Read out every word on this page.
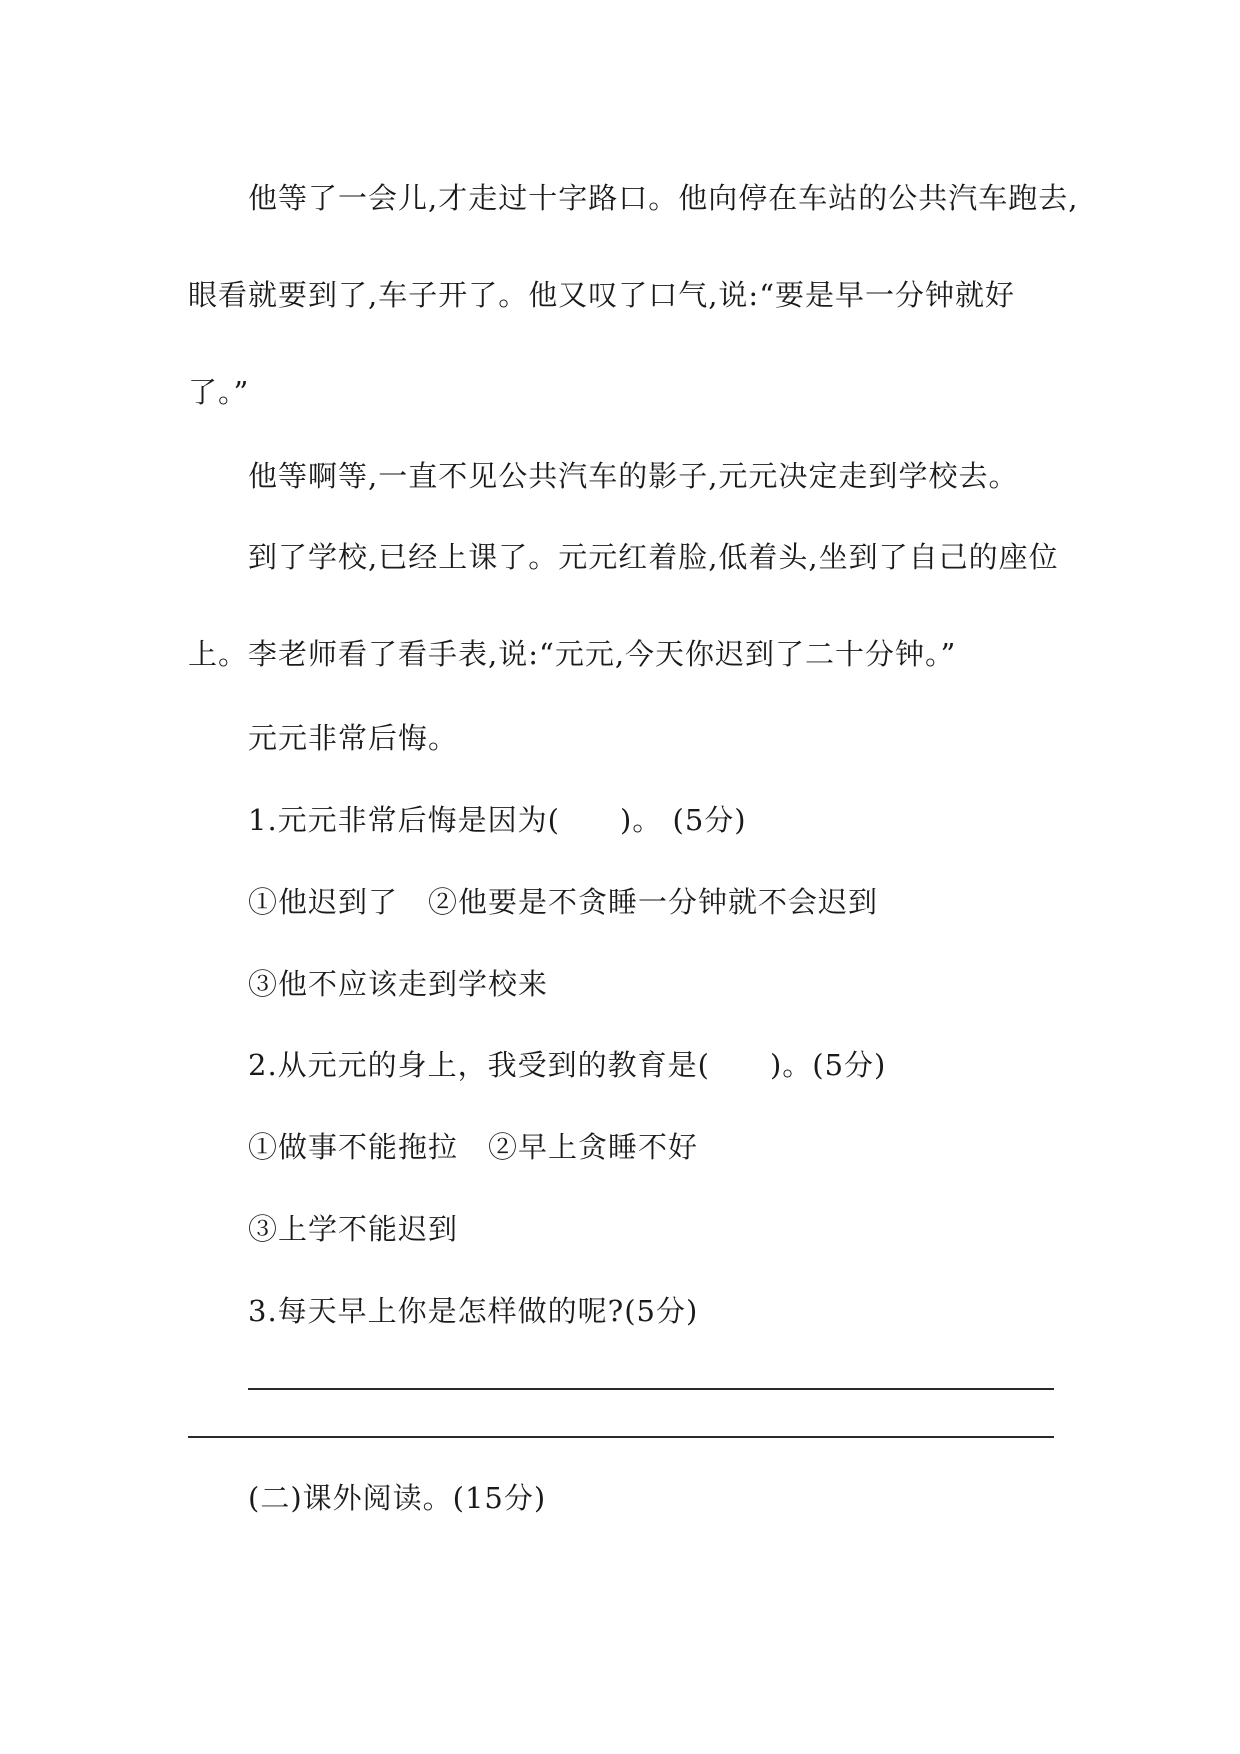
他等了一会儿,才走过十字路口。他向停在车站的公共汽车跑去,
眼看就要到了,车子开了。他又叹了口气,说:“要是早一分钟就好
了。”
他等啊等,一直不见公共汽车的影子,元元决定走到学校去。
到了学校,已经上课了。元元红着脸,低着头,坐到了自己的座位
上。李老师看了看手表,说:“元元,今天你迟到了二十分钟。”
元元非常后悔。
1.元元非常后悔是因为(　　)。 (5分)
①他迟到了　②他要是不贪睡一分钟就不会迟到
③他不应该走到学校来
2.从元元的身上，我受到的教育是(　　)。(5分)
①做事不能拖拉　②早上贪睡不好
③上学不能迟到
3.每天早上你是怎样做的呢?(5分)
(二)课外阅读。(15分)
